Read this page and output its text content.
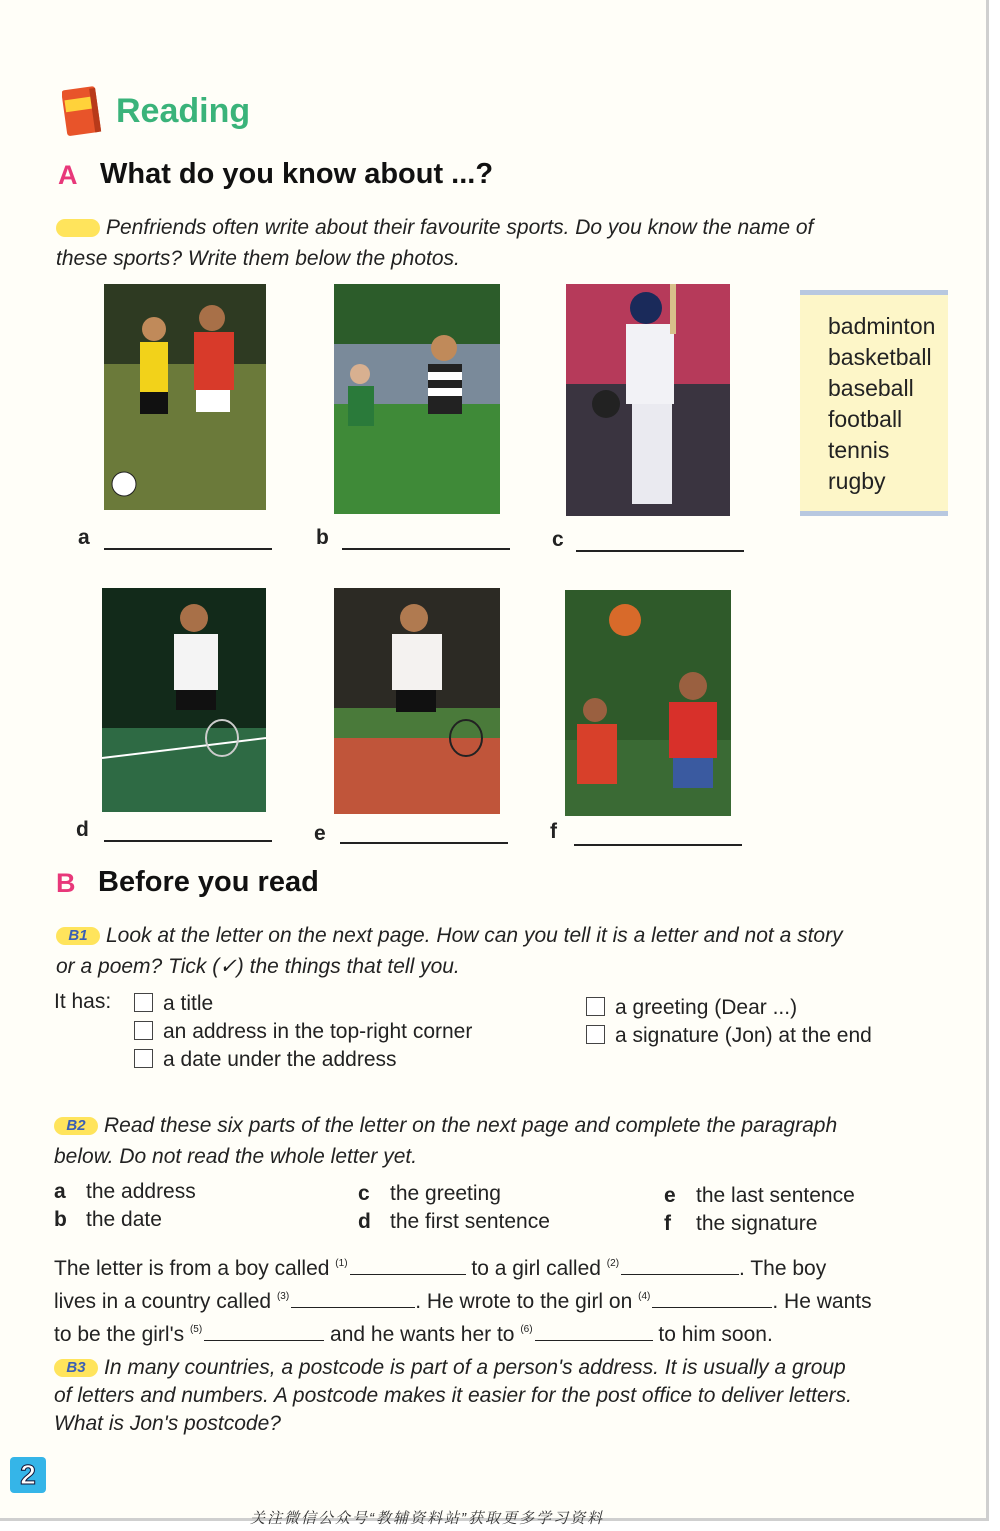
Reading
A What do you know about ...?
Penfriends often write about their favourite sports. Do you know the name of
these sports? Write them below the photos.
badminton
basketball
baseball
football
tennis
rugby
a	b	c
d	e	f
B Before you read
B1 Look at the letter on the next page. How can you tell it is a letter and not a story
or a poem? Tick (✓) the things that tell you.
It has:	a title
an address in the top-right corner
a date under the address
a greeting (Dear ...)
a signature (Jon) at the end
B2 Read these six parts of the letter on the next page and complete the paragraph
below. Do not read the whole letter yet.
a the address
b the date
c the greeting
d the first sentence
e the last sentence
f the signature
The letter is from a boy called $^{(1)}$	to a girl called $^{(2)}$	. The boy
lives in a country called $^{(3)}$	. He wrote to the girl on $^{(4)}$	. He wants
to be the girl's $^{(5)}$	and he wants her to $^{(6)}$	to him soon.
B3 In many countries, a postcode is part of a person's address. It is usually a group
of letters and numbers. A postcode makes it easier for the post office to deliver letters.
What is Jon's postcode?
2
关注微信公众号“教辅资料站”获取更多学习资料
